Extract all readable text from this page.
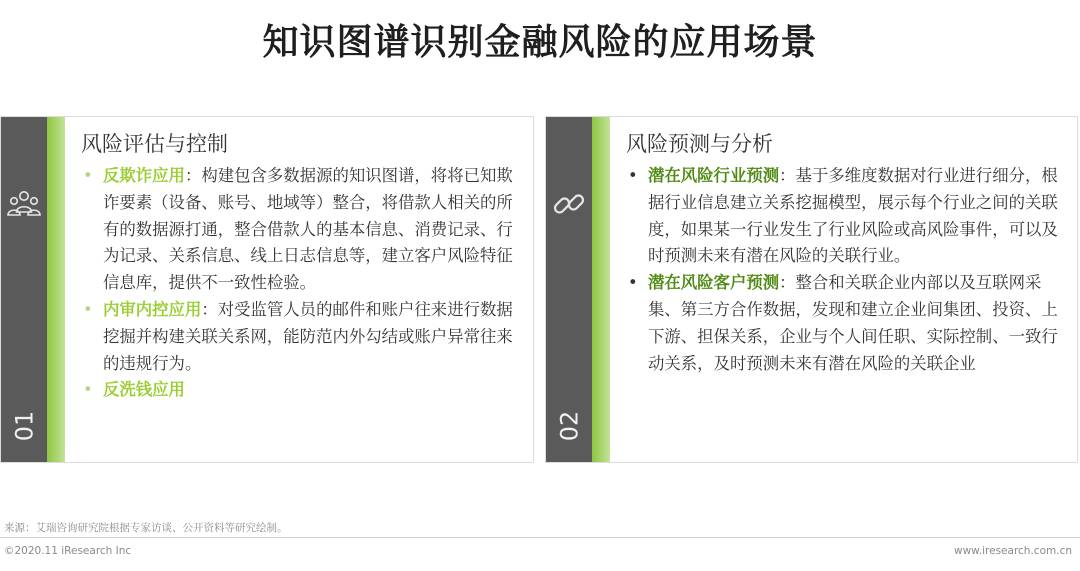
知识图谱识别金融风险的应用场景
01
风险评估与控制
• 反欺诈应用：构建包含多数据源的知识图谱，将将已知欺诈要素（设备、账号、地域等）整合，将借款人相关的所有的数据源打通，整合借款人的基本信息、消费记录、行为记录、关系信息、线上日志信息等，建立客户风险特征信息库，提供不一致性检验。
• 内审内控应用：对受监管人员的邮件和账户往来进行数据挖掘并构建关联关系网，能防范内外勾结或账户异常往来的违规行为。
• 反洗钱应用
02
风险预测与分析
• 潜在风险行业预测：基于多维度数据对行业进行细分，根据行业信息建立关系挖掘模型，展示每个行业之间的关联度，如果某一行业发生了行业风险或高风险事件，可以及时预测未来有潜在风险的关联行业。
• 潜在风险客户预测：整合和关联企业内部以及互联网采集、第三方合作数据，发现和建立企业间集团、投资、上下游、担保关系，企业与个人间任职、实际控制、一致行动关系，及时预测未来有潜在风险的关联企业
来源：艾瑞咨询研究院根据专家访谈、公开资料等研究绘制。
©2020.11 iResearch Inc	www.iresearch.com.cn
